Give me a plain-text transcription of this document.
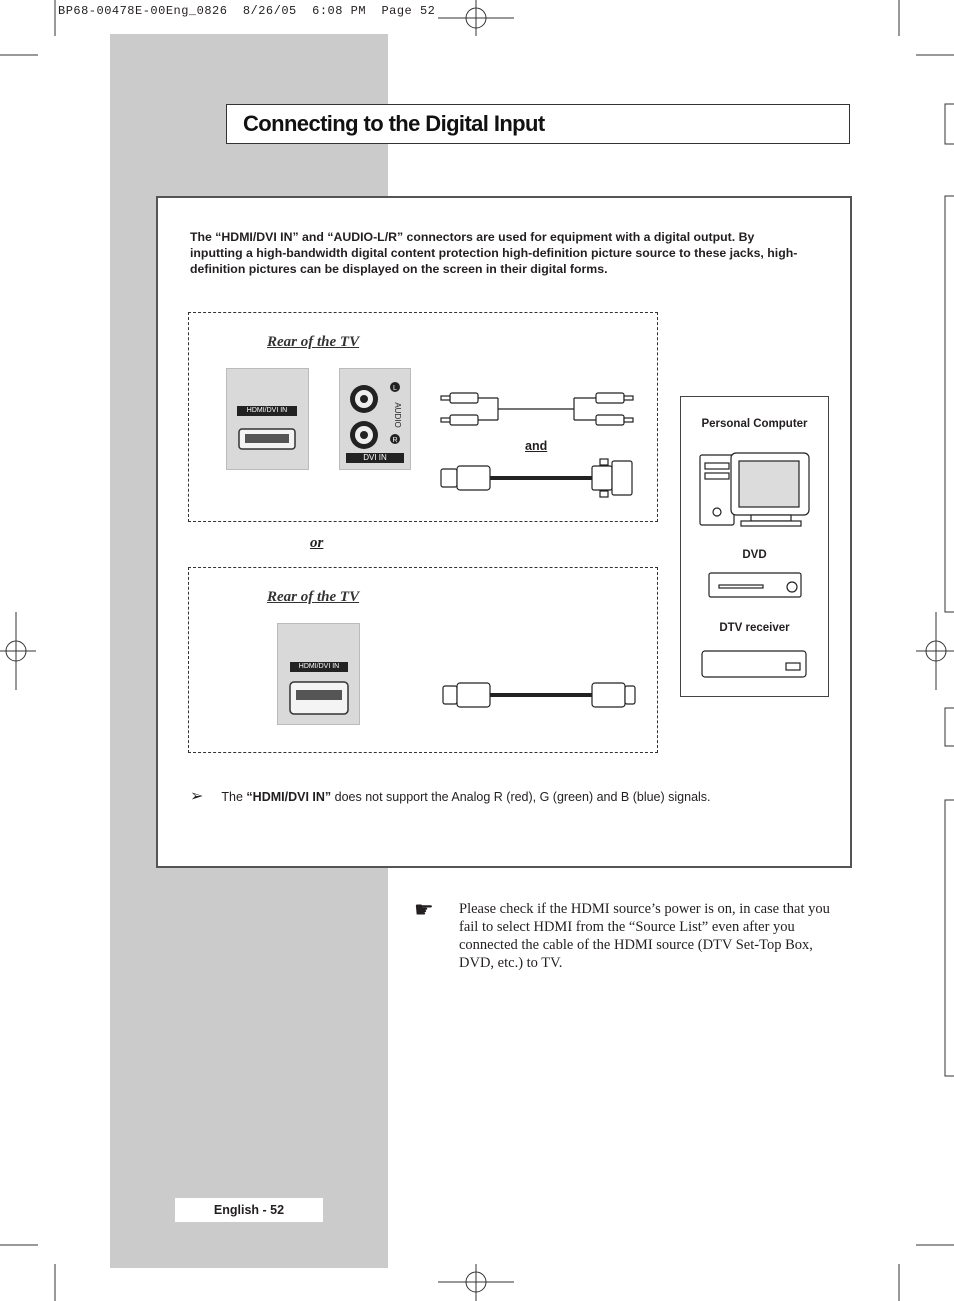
BP68-00478E-00Eng_0826  8/26/05  6:08 PM  Page 52
Connecting to the Digital Input
The “HDMI/DVI IN” and “AUDIO-L/R” connectors are used for equipment with a digital output. By inputting a high-bandwidth digital content protection high-definition picture source to these jacks, high-definition pictures can be displayed on the screen in their digital forms.
Rear of the TV
HDMI/DVI IN
L
R
AUDIO
DVI IN
and
or
Rear of the TV
HDMI/DVI IN
Personal Computer
DVD
DTV receiver
➢ The “HDMI/DVI IN” does not support the Analog R (red), G (green) and B (blue) signals.
☛ Please check if the HDMI source’s power is on, in case that you fail to select HDMI from the “Source List” even after you connected the cable of the HDMI source (DTV Set-Top Box, DVD, etc.) to TV.
English - 52
